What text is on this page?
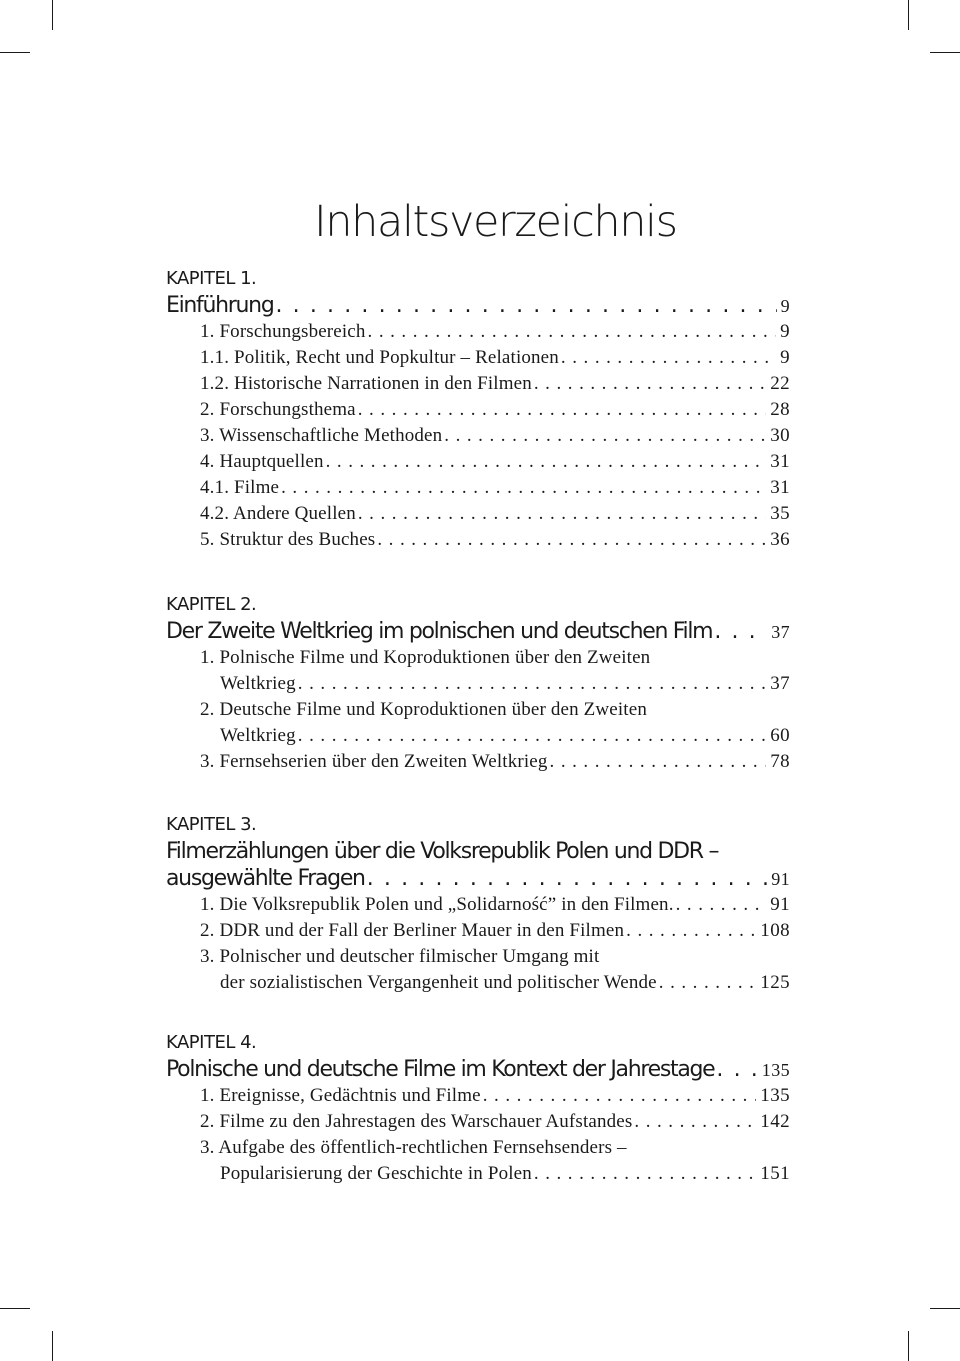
Inhaltsverzeichnis
KAPITEL 1.
Einführung . . .	9
1. Forschungsbereich . . .	9
1.1. Politik, Recht und Popkultur – Relationen . . .	9
1.2. Historische Narrationen in den Filmen . . .	22
2. Forschungsthema . . .	28
3. Wissenschaftliche Methoden . . .	30
4. Hauptquellen . . .	31
4.1. Filme . . .	31
4.2. Andere Quellen . . .	35
5. Struktur des Buches . . .	36
KAPITEL 2.
Der Zweite Weltkrieg im polnischen und deutschen Film . . .	37
1. Polnische Filme und Koproduktionen über den Zweiten
Weltkrieg . . .	37
2. Deutsche Filme und Koproduktionen über den Zweiten
Weltkrieg . . .	60
3. Fernsehserien über den Zweiten Weltkrieg . . .	78
KAPITEL 3.
Filmerzählungen über die Volksrepublik Polen und DDR –
ausgewählte Fragen . . .	91
1. Die Volksrepublik Polen und „Solidarność” in den Filmen. . . .	91
2. DDR und der Fall der Berliner Mauer in den Filmen . . .	108
3. Polnischer und deutscher filmischer Umgang mit
der sozialistischen Vergangenheit und politischer Wende . . .	125
KAPITEL 4.
Polnische und deutsche Filme im Kontext der Jahrestage . . .	135
1. Ereignisse, Gedächtnis und Filme . . .	135
2. Filme zu den Jahrestagen des Warschauer Aufstandes . . .	142
3. Aufgabe des öffentlich-rechtlichen Fernsehsenders –
Popularisierung der Geschichte in Polen . . .	151
